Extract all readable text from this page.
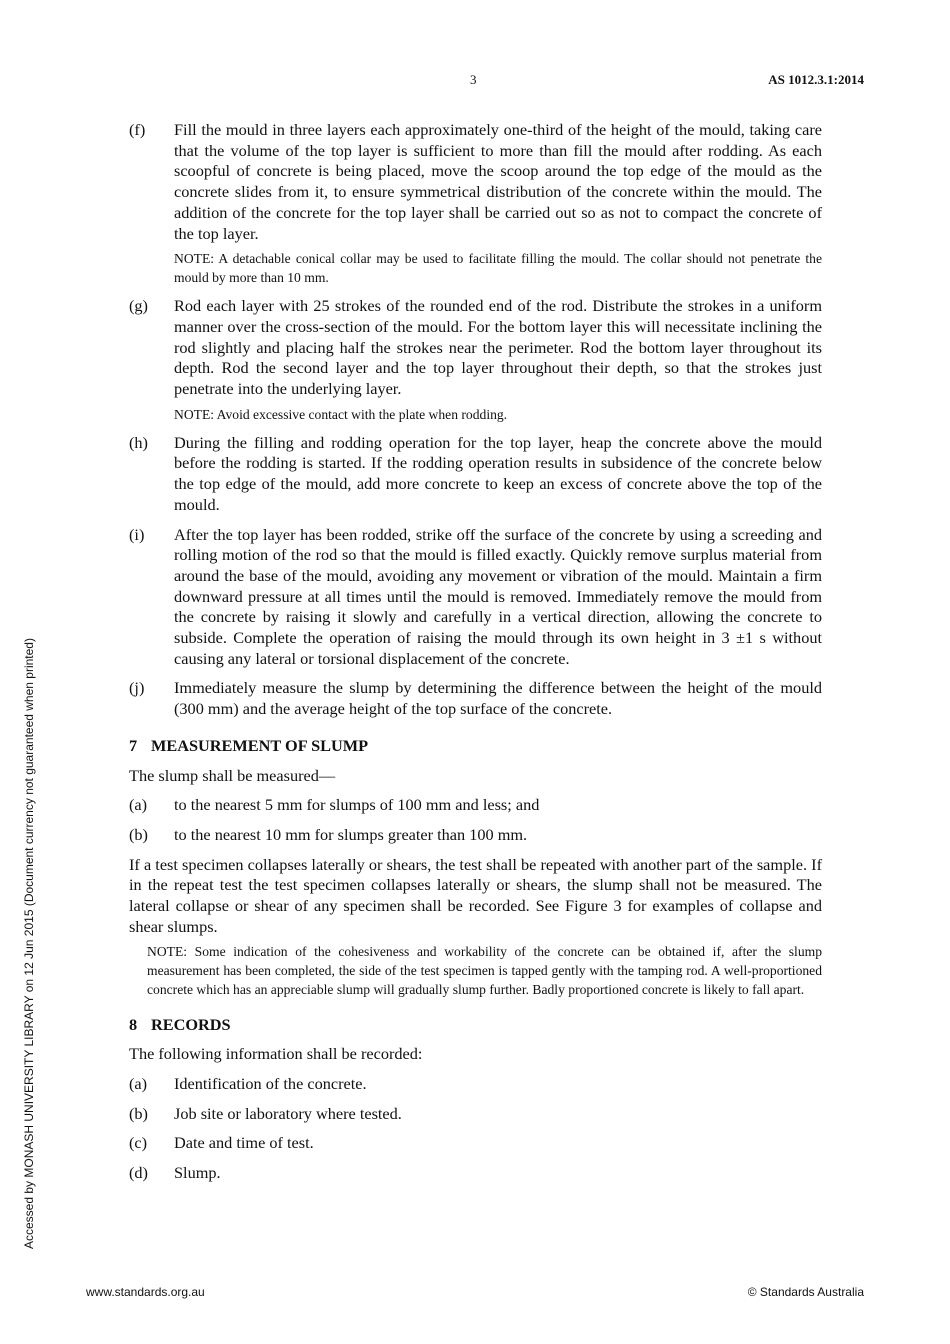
3	AS 1012.3.1:2014
Accessed by MONASH UNIVERSITY LIBRARY on 12 Jun 2015 (Document currency not guaranteed when printed)
(f)	Fill the mould in three layers each approximately one-third of the height of the mould, taking care that the volume of the top layer is sufficient to more than fill the mould after rodding. As each scoopful of concrete is being placed, move the scoop around the top edge of the mould as the concrete slides from it, to ensure symmetrical distribution of the concrete within the mould. The addition of the concrete for the top layer shall be carried out so as not to compact the concrete of the top layer.
NOTE: A detachable conical collar may be used to facilitate filling the mould. The collar should not penetrate the mould by more than 10 mm.
(g)	Rod each layer with 25 strokes of the rounded end of the rod. Distribute the strokes in a uniform manner over the cross-section of the mould. For the bottom layer this will necessitate inclining the rod slightly and placing half the strokes near the perimeter. Rod the bottom layer throughout its depth. Rod the second layer and the top layer throughout their depth, so that the strokes just penetrate into the underlying layer.
NOTE: Avoid excessive contact with the plate when rodding.
(h)	During the filling and rodding operation for the top layer, heap the concrete above the mould before the rodding is started. If the rodding operation results in subsidence of the concrete below the top edge of the mould, add more concrete to keep an excess of concrete above the top of the mould.
(i)	After the top layer has been rodded, strike off the surface of the concrete by using a screeding and rolling motion of the rod so that the mould is filled exactly. Quickly remove surplus material from around the base of the mould, avoiding any movement or vibration of the mould. Maintain a firm downward pressure at all times until the mould is removed. Immediately remove the mould from the concrete by raising it slowly and carefully in a vertical direction, allowing the concrete to subside. Complete the operation of raising the mould through its own height in 3 ±1 s without causing any lateral or torsional displacement of the concrete.
(j)	Immediately measure the slump by determining the difference between the height of the mould (300 mm) and the average height of the top surface of the concrete.
7 MEASUREMENT OF SLUMP
The slump shall be measured—
(a)	to the nearest 5 mm for slumps of 100 mm and less; and
(b)	to the nearest 10 mm for slumps greater than 100 mm.
If a test specimen collapses laterally or shears, the test shall be repeated with another part of the sample. If in the repeat test the test specimen collapses laterally or shears, the slump shall not be measured. The lateral collapse or shear of any specimen shall be recorded. See Figure 3 for examples of collapse and shear slumps.
NOTE: Some indication of the cohesiveness and workability of the concrete can be obtained if, after the slump measurement has been completed, the side of the test specimen is tapped gently with the tamping rod. A well-proportioned concrete which has an appreciable slump will gradually slump further. Badly proportioned concrete is likely to fall apart.
8 RECORDS
The following information shall be recorded:
(a)	Identification of the concrete.
(b)	Job site or laboratory where tested.
(c)	Date and time of test.
(d)	Slump.
www.standards.org.au	© Standards Australia
